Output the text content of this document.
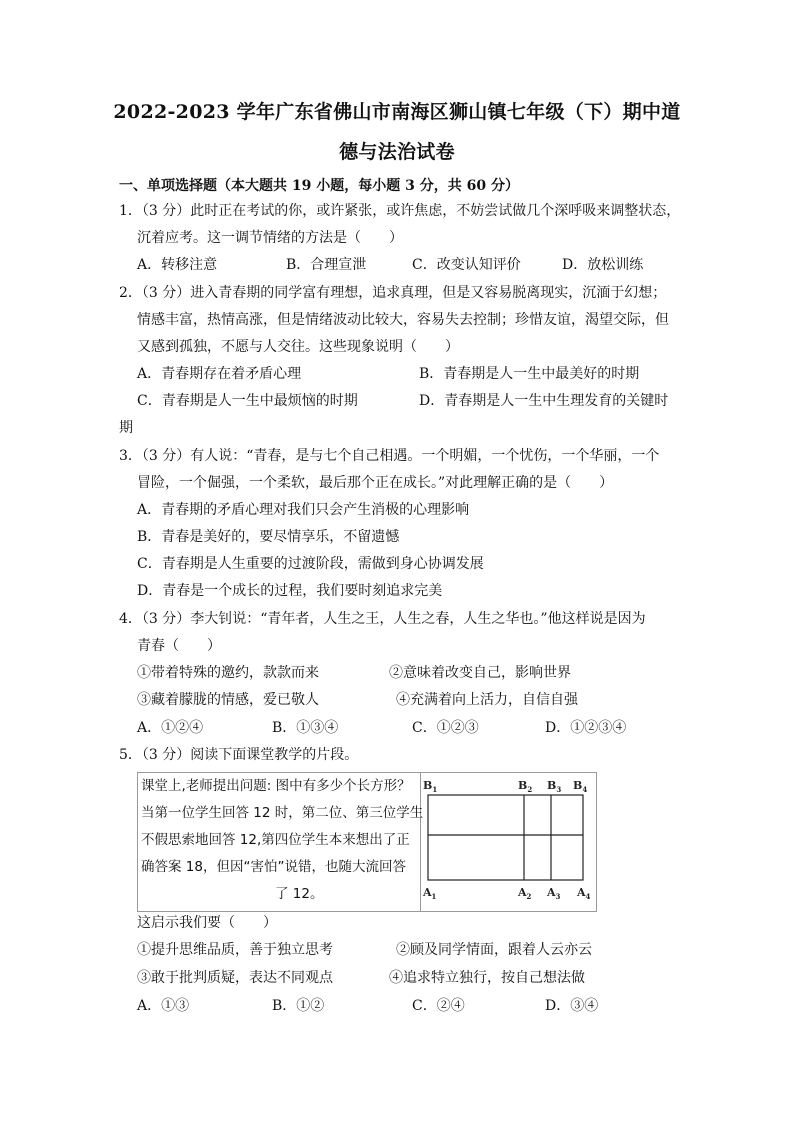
2022-2023 学年广东省佛山市南海区狮山镇七年级（下）期中道
德与法治试卷
一、单项选择题（本大题共 19 小题，每小题 3 分，共 60 分）
1．（3 分）此时正在考试的你，或许紧张，或许焦虑，不妨尝试做几个深呼吸来调整状态，
沉着应考。这一调节情绪的方法是（　　）
A．转移注意	B．合理宣泄	C．改变认知评价	D．放松训练
2．（3 分）进入青春期的同学富有理想，追求真理，但是又容易脱离现实，沉湎于幻想；
情感丰富，热情高涨，但是情绪波动比较大，容易失去控制；珍惜友谊，渴望交际，但
又感到孤独，不愿与人交往。这些现象说明（　　）
A．青春期存在着矛盾心理	B．青春期是人一生中最美好的时期
C．青春期是人一生中最烦恼的时期	D．青春期是人一生中生理发育的关键时
期
3．（3 分）有人说：“青春，是与七个自己相遇。一个明媚，一个忧伤，一个华丽，一个
冒险，一个倔强，一个柔软，最后那个正在成长。”对此理解正确的是（　　）
A．青春期的矛盾心理对我们只会产生消极的心理影响
B．青春是美好的，要尽情享乐，不留遗憾
C．青春期是人生重要的过渡阶段，需做到身心协调发展
D．青春是一个成长的过程，我们要时刻追求完美
4．（3 分）李大钊说：“青年者，人生之王，人生之春，人生之华也。”他这样说是因为
青春（　　）
①带着特殊的邀约，款款而来	②意味着改变自己，影响世界
③藏着朦胧的情感，爱已敬人	④充满着向上活力，自信自强
A．①②④	B．①③④	C．①②③	D．①②③④
5．（3 分）阅读下面课堂教学的片段。
课堂上,老师提出问题: 图中有多少个长方形？
当第一位学生回答 12 时，第二位、第三位学生
不假思索地回答 12,第四位学生本来想出了正
确答案 18，但因“害怕”说错，也随大流回答
了 12。
$B_1$	$B_2$ $B_3$ $B_4$
$A_1$	$A_2$ $A_3$ $A_4$
这启示我们要（　　）
①提升思维品质，善于独立思考	②顾及同学情面，跟着人云亦云
③敢于批判质疑，表达不同观点	④追求特立独行，按自己想法做
A．①③	B．①②	C．②④	D．③④
